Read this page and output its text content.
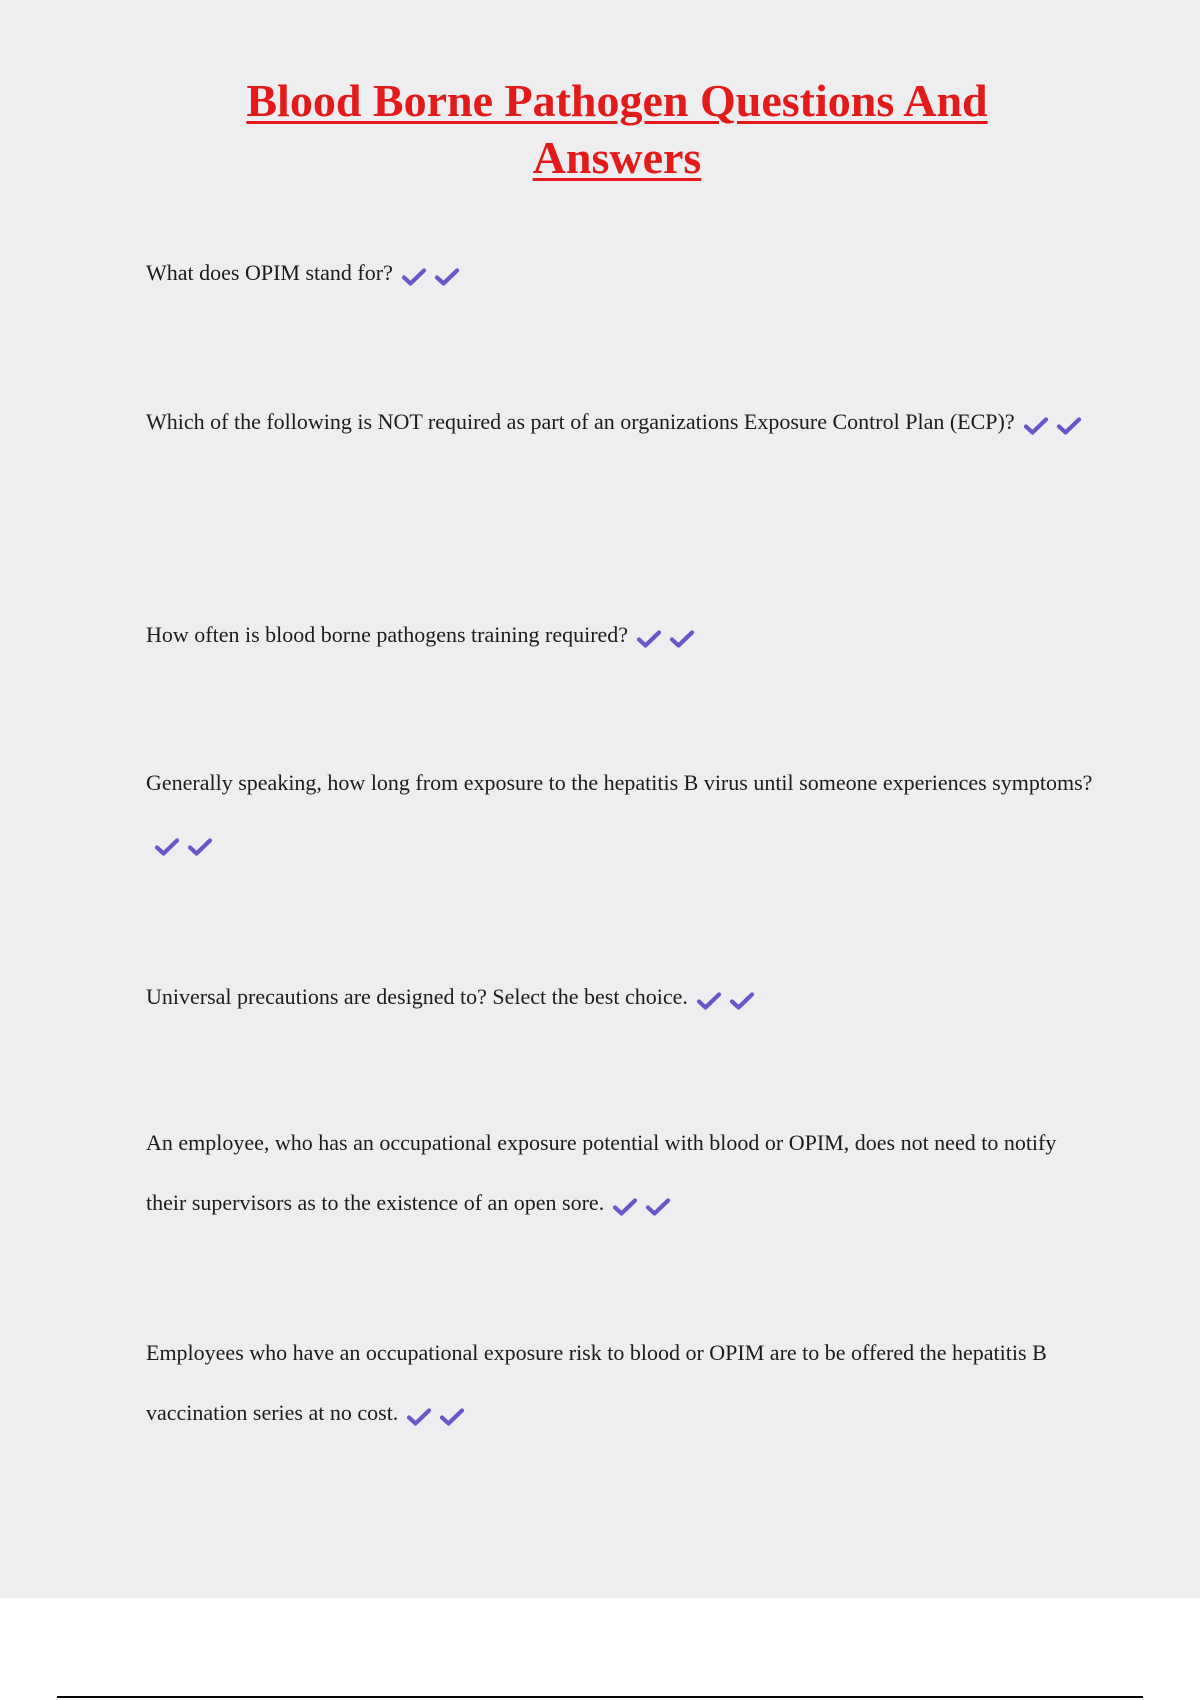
Blood Borne Pathogen Questions And
Answers

What does OPIM stand for?

Which of the following is NOT required as part of an organizations Exposure Control Plan (ECP)?

How often is blood borne pathogens training required?

Generally speaking, how long from exposure to the hepatitis B virus until someone experiences symptoms?

Universal precautions are designed to? Select the best choice.

An employee, who has an occupational exposure potential with blood or OPIM, does not need to notify their supervisors as to the existence of an open sore.

Employees who have an occupational exposure risk to blood or OPIM are to be offered the hepatitis B vaccination series at no cost.
